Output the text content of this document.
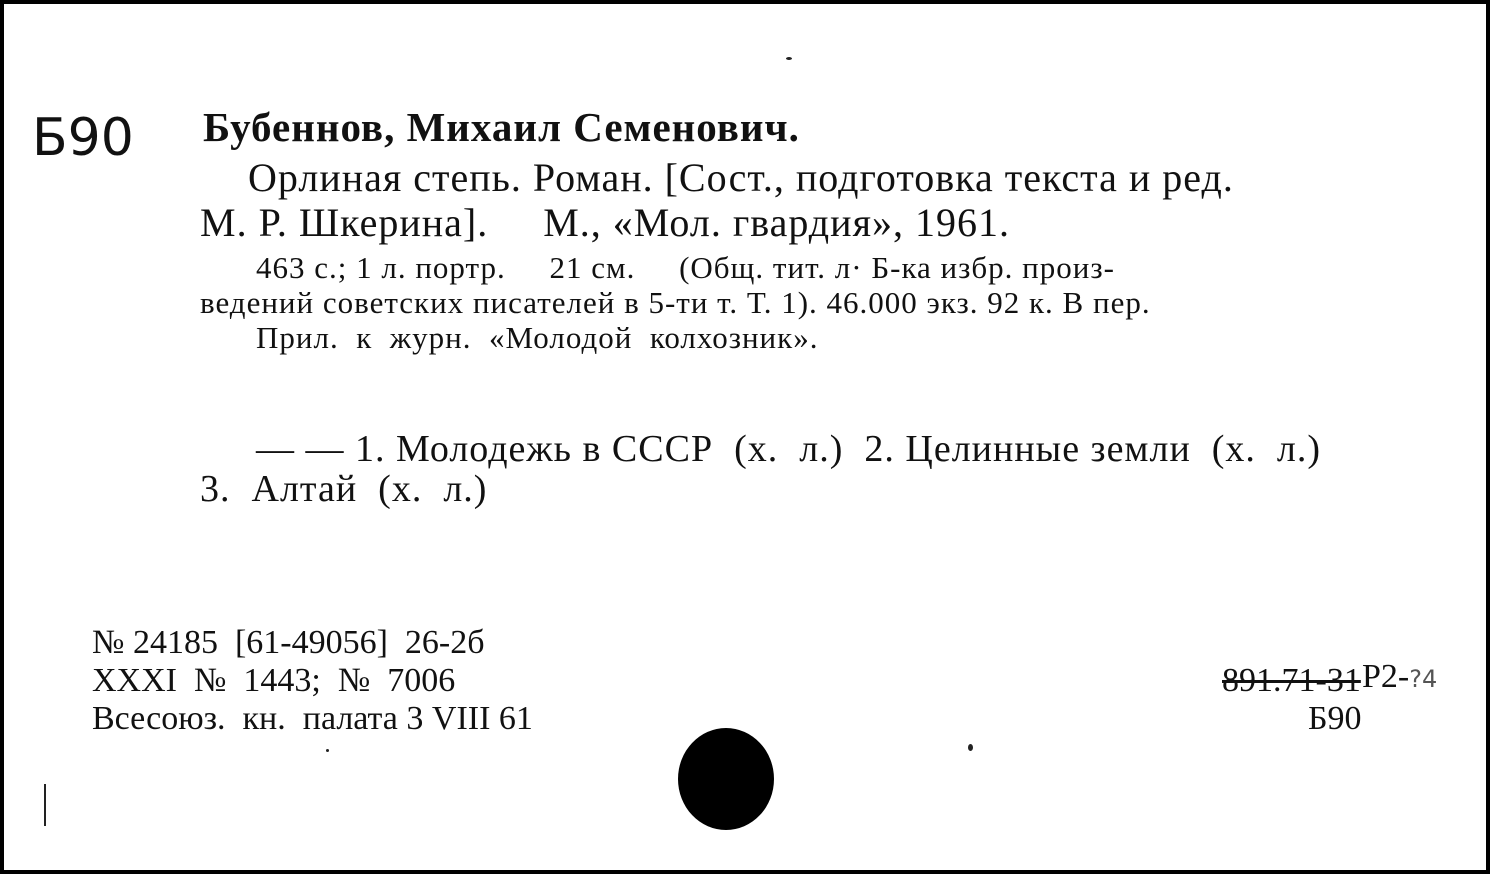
Б90 Бубеннов, Михаил Семенович.
Орлиная степь. Роман. [Сост., подготовка текста и ред.
М. Р. Шкерина].     М., «Мол. гвардия», 1961.
463 с.; 1 л. портр.     21 см.     (Общ. тит. л· Б-ка избр. произ-
ведений советских писателей в 5-ти т. Т. 1). 46.000 экз. 92 к. В пер.
Прил.  к  журн.  «Молодой  колхозник».
— — 1. Молодежь в СССР  (х.  л.)  2. Целинные земли  (х.  л.)
3.  Алтай  (х.  л.)
№ 24185  [61-49056]  26-2б
XXXI  №  1443;  №  7006
Всесоюз.  кн.  палата 3 VIII 61

Р2-?4

891.71-31
Б90
